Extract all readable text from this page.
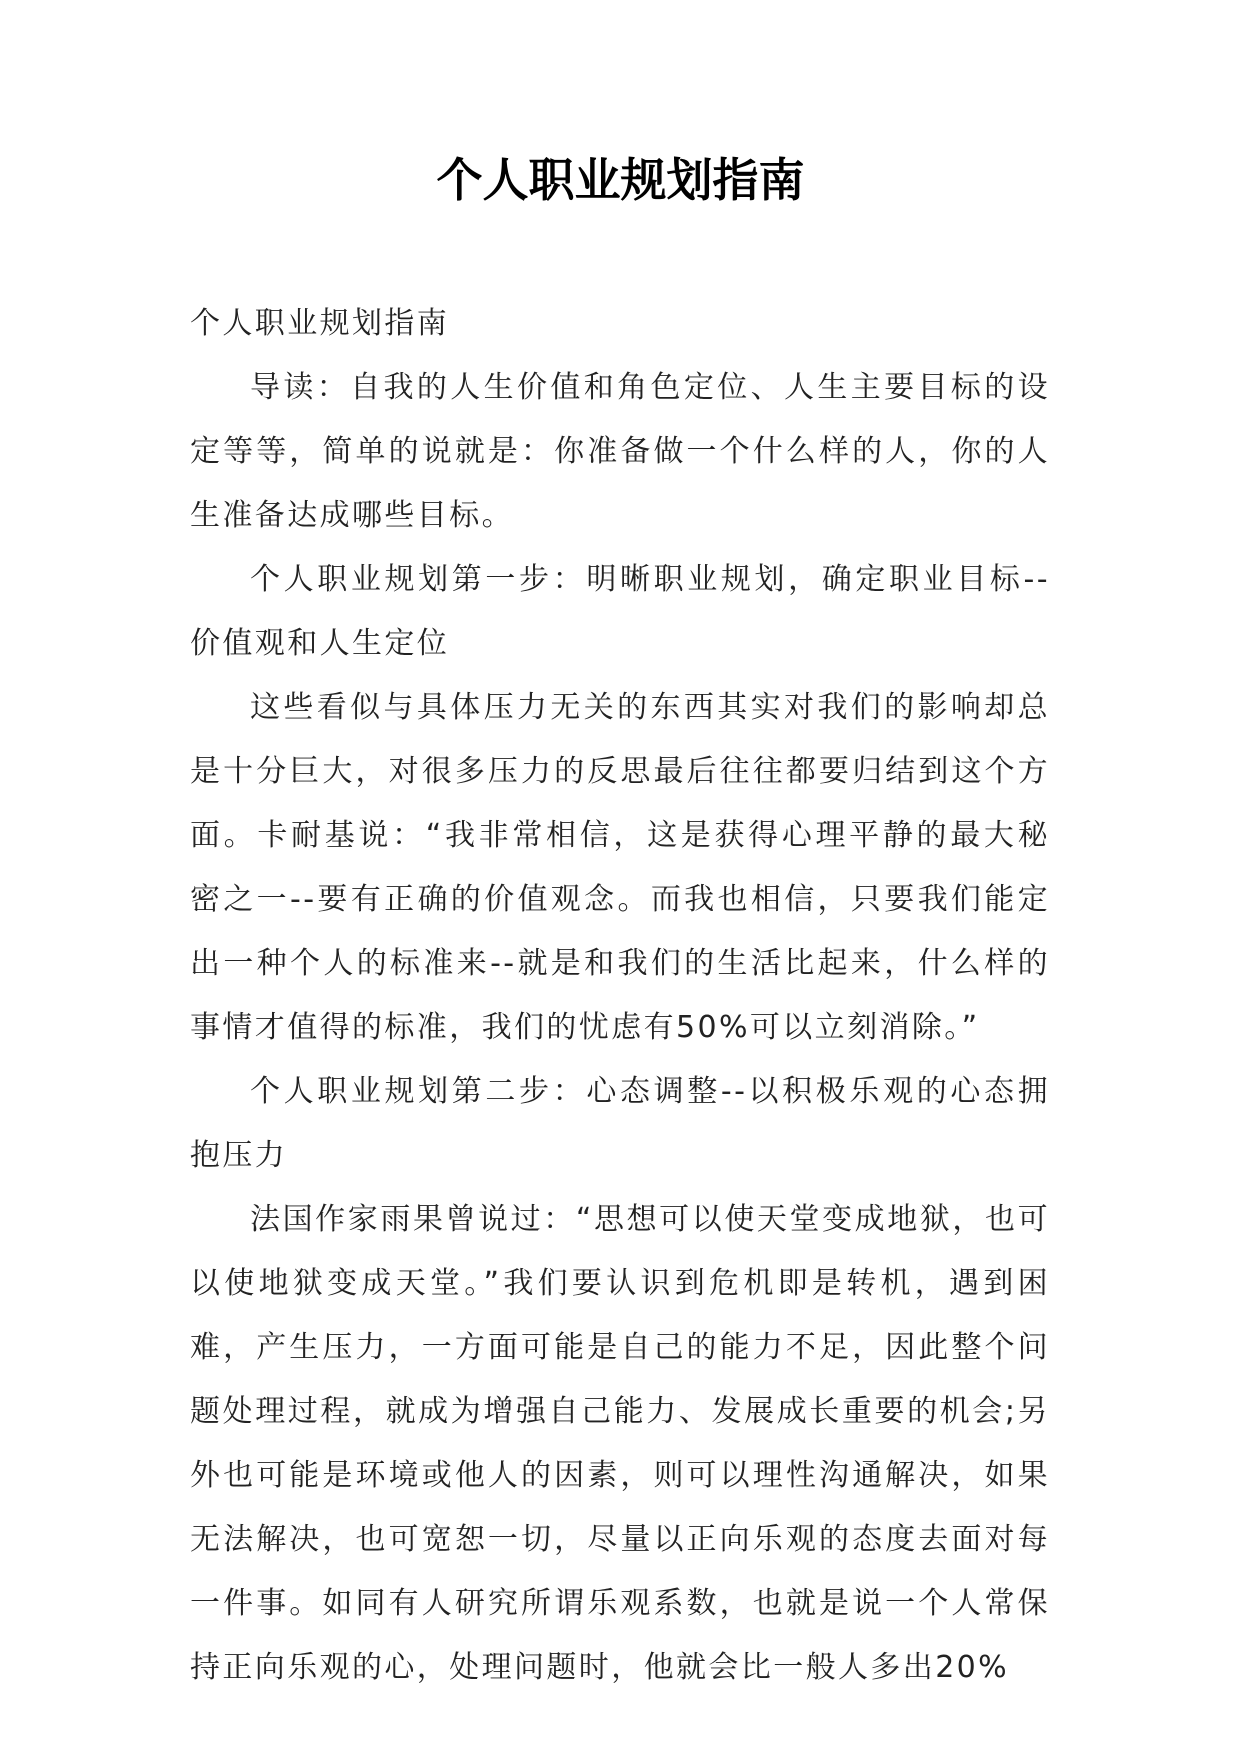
个人职业规划指南

个人职业规划指南

导读：自我的人生价值和角色定位、人生主要目标的设定等等，简单的说就是：你准备做一个什么样的人，你的人生准备达成哪些目标。

个人职业规划第一步：明晰职业规划，确定职业目标--价值观和人生定位

这些看似与具体压力无关的东西其实对我们的影响却总是十分巨大，对很多压力的反思最后往往都要归结到这个方面。卡耐基说：“我非常相信，这是获得心理平静的最大秘密之一--要有正确的价值观念。而我也相信，只要我们能定出一种个人的标准来--就是和我们的生活比起来，什么样的事情才值得的标准，我们的忧虑有50%可以立刻消除。”

个人职业规划第二步：心态调整--以积极乐观的心态拥抱压力

法国作家雨果曾说过：“思想可以使天堂变成地狱，也可以使地狱变成天堂。”我们要认识到危机即是转机，遇到困难，产生压力，一方面可能是自己的能力不足，因此整个问题处理过程，就成为增强自己能力、发展成长重要的机会;另外也可能是环境或他人的因素，则可以理性沟通解决，如果无法解决，也可宽恕一切，尽量以正向乐观的态度去面对每一件事。如同有人研究所谓乐观系数，也就是说一个人常保持正向乐观的心，处理问题时，他就会比一般人多出20%
